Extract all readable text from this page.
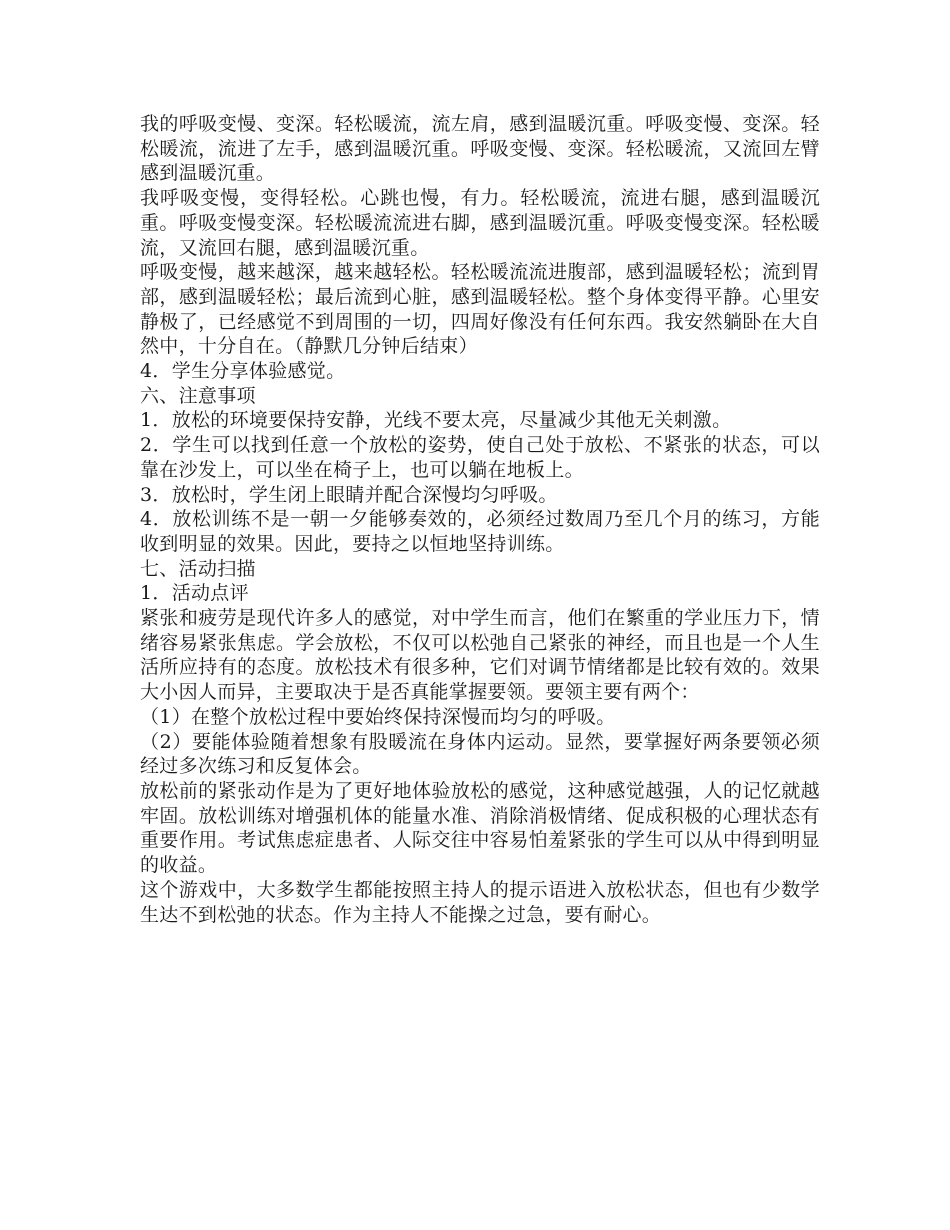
我的呼吸变慢、变深。轻松暖流，流左肩，感到温暖沉重。呼吸变慢、变深。轻松暖流，流进了左手，感到温暖沉重。呼吸变慢、变深。轻松暖流，又流回左臂感到温暖沉重。

我呼吸变慢，变得轻松。心跳也慢，有力。轻松暖流，流进右腿，感到温暖沉重。呼吸变慢变深。轻松暖流流进右脚，感到温暖沉重。呼吸变慢变深。轻松暖流，又流回右腿，感到温暖沉重。

呼吸变慢，越来越深，越来越轻松。轻松暖流流进腹部，感到温暖轻松；流到胃部，感到温暖轻松；最后流到心脏，感到温暖轻松。整个身体变得平静。心里安静极了，已经感觉不到周围的一切，四周好像没有任何东西。我安然躺卧在大自然中，十分自在。（静默几分钟后结束）

4．学生分享体验感觉。

六、注意事项

1．放松的环境要保持安静，光线不要太亮，尽量减少其他无关刺激。

2．学生可以找到任意一个放松的姿势，使自己处于放松、不紧张的状态，可以靠在沙发上，可以坐在椅子上，也可以躺在地板上。

3．放松时，学生闭上眼睛并配合深慢均匀呼吸。

4．放松训练不是一朝一夕能够奏效的，必须经过数周乃至几个月的练习，方能收到明显的效果。因此，要持之以恒地坚持训练。

七、活动扫描

1．活动点评

紧张和疲劳是现代许多人的感觉，对中学生而言，他们在繁重的学业压力下，情绪容易紧张焦虑。学会放松，不仅可以松弛自己紧张的神经，而且也是一个人生活所应持有的态度。放松技术有很多种，它们对调节情绪都是比较有效的。效果大小因人而异，主要取决于是否真能掌握要领。要领主要有两个：

（1）在整个放松过程中要始终保持深慢而均匀的呼吸。

（2）要能体验随着想象有股暖流在身体内运动。显然，要掌握好两条要领必须经过多次练习和反复体会。

放松前的紧张动作是为了更好地体验放松的感觉，这种感觉越强，人的记忆就越牢固。放松训练对增强机体的能量水准、消除消极情绪、促成积极的心理状态有重要作用。考试焦虑症患者、人际交往中容易怕羞紧张的学生可以从中得到明显的收益。

这个游戏中，大多数学生都能按照主持人的提示语进入放松状态，但也有少数学生达不到松弛的状态。作为主持人不能操之过急，要有耐心。
